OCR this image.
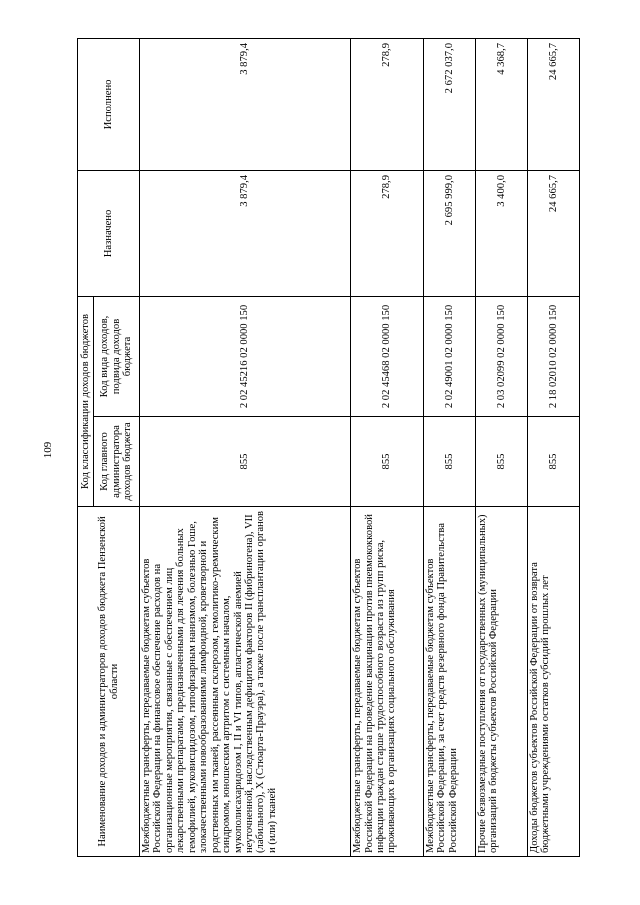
109
Наименование доходов и администраторов доходов бюджета Пензенской области	Код классификации доходов бюджетов		Назначено	Исполнено
	Код главного администратора доходов бюджета	Код вида доходов, подвида доходов бюджета		
Межбюджетные трансферты, передаваемые бюджетам субъектов Российской Федерации на финансовое обеспечение расходов на организационные мероприятия, связанные с обеспечением лиц лекарственными препаратами, предназначенными для лечения больных гемофилией, муковисцидозом, гипофизарным нанизмом, болезнью Гоше, злокачественными новообразованиями лимфоидной, кроветворной и родственных им тканей, рассеянным склерозом, гемолитико-уремическим синдромом, юношеским артритом с системным началом, мукополисахаридозом I, II и VI типов, апластической анемией неуточненной, наследственным дефицитом факторов II (фибриногена), VII (лабильного), X (Стюарта-Прауэра), а также после трансплантации органов и (или) тканей	855	2 02 45216 02 0000 150	3 879,4	3 879,4
Межбюджетные трансферты, передаваемые бюджетам субъектов Российской Федерации на проведение вакцинации против пневмококковой инфекции граждан старше трудоспособного возраста из групп риска, проживающих в организациях социального обслуживания	855	2 02 45468 02 0000 150	278,9	278,9
Межбюджетные трансферты, передаваемые бюджетам субъектов Российской Федерации, за счет средств резервного фонда Правительства Российской Федерации	855	2 02 49001 02 0000 150	2 695 999,0	2 672 037,0
Прочие безвозмездные поступления от государственных (муниципальных) организаций в бюджеты субъектов Российской Федерации	855	2 03 02099 02 0000 150	3 400,0	4 368,7
Доходы бюджетов субъектов Российской Федерации от возврата бюджетными учреждениями остатков субсидий прошлых лет	855	2 18 02010 02 0000 150	24 665,7	24 665,7
